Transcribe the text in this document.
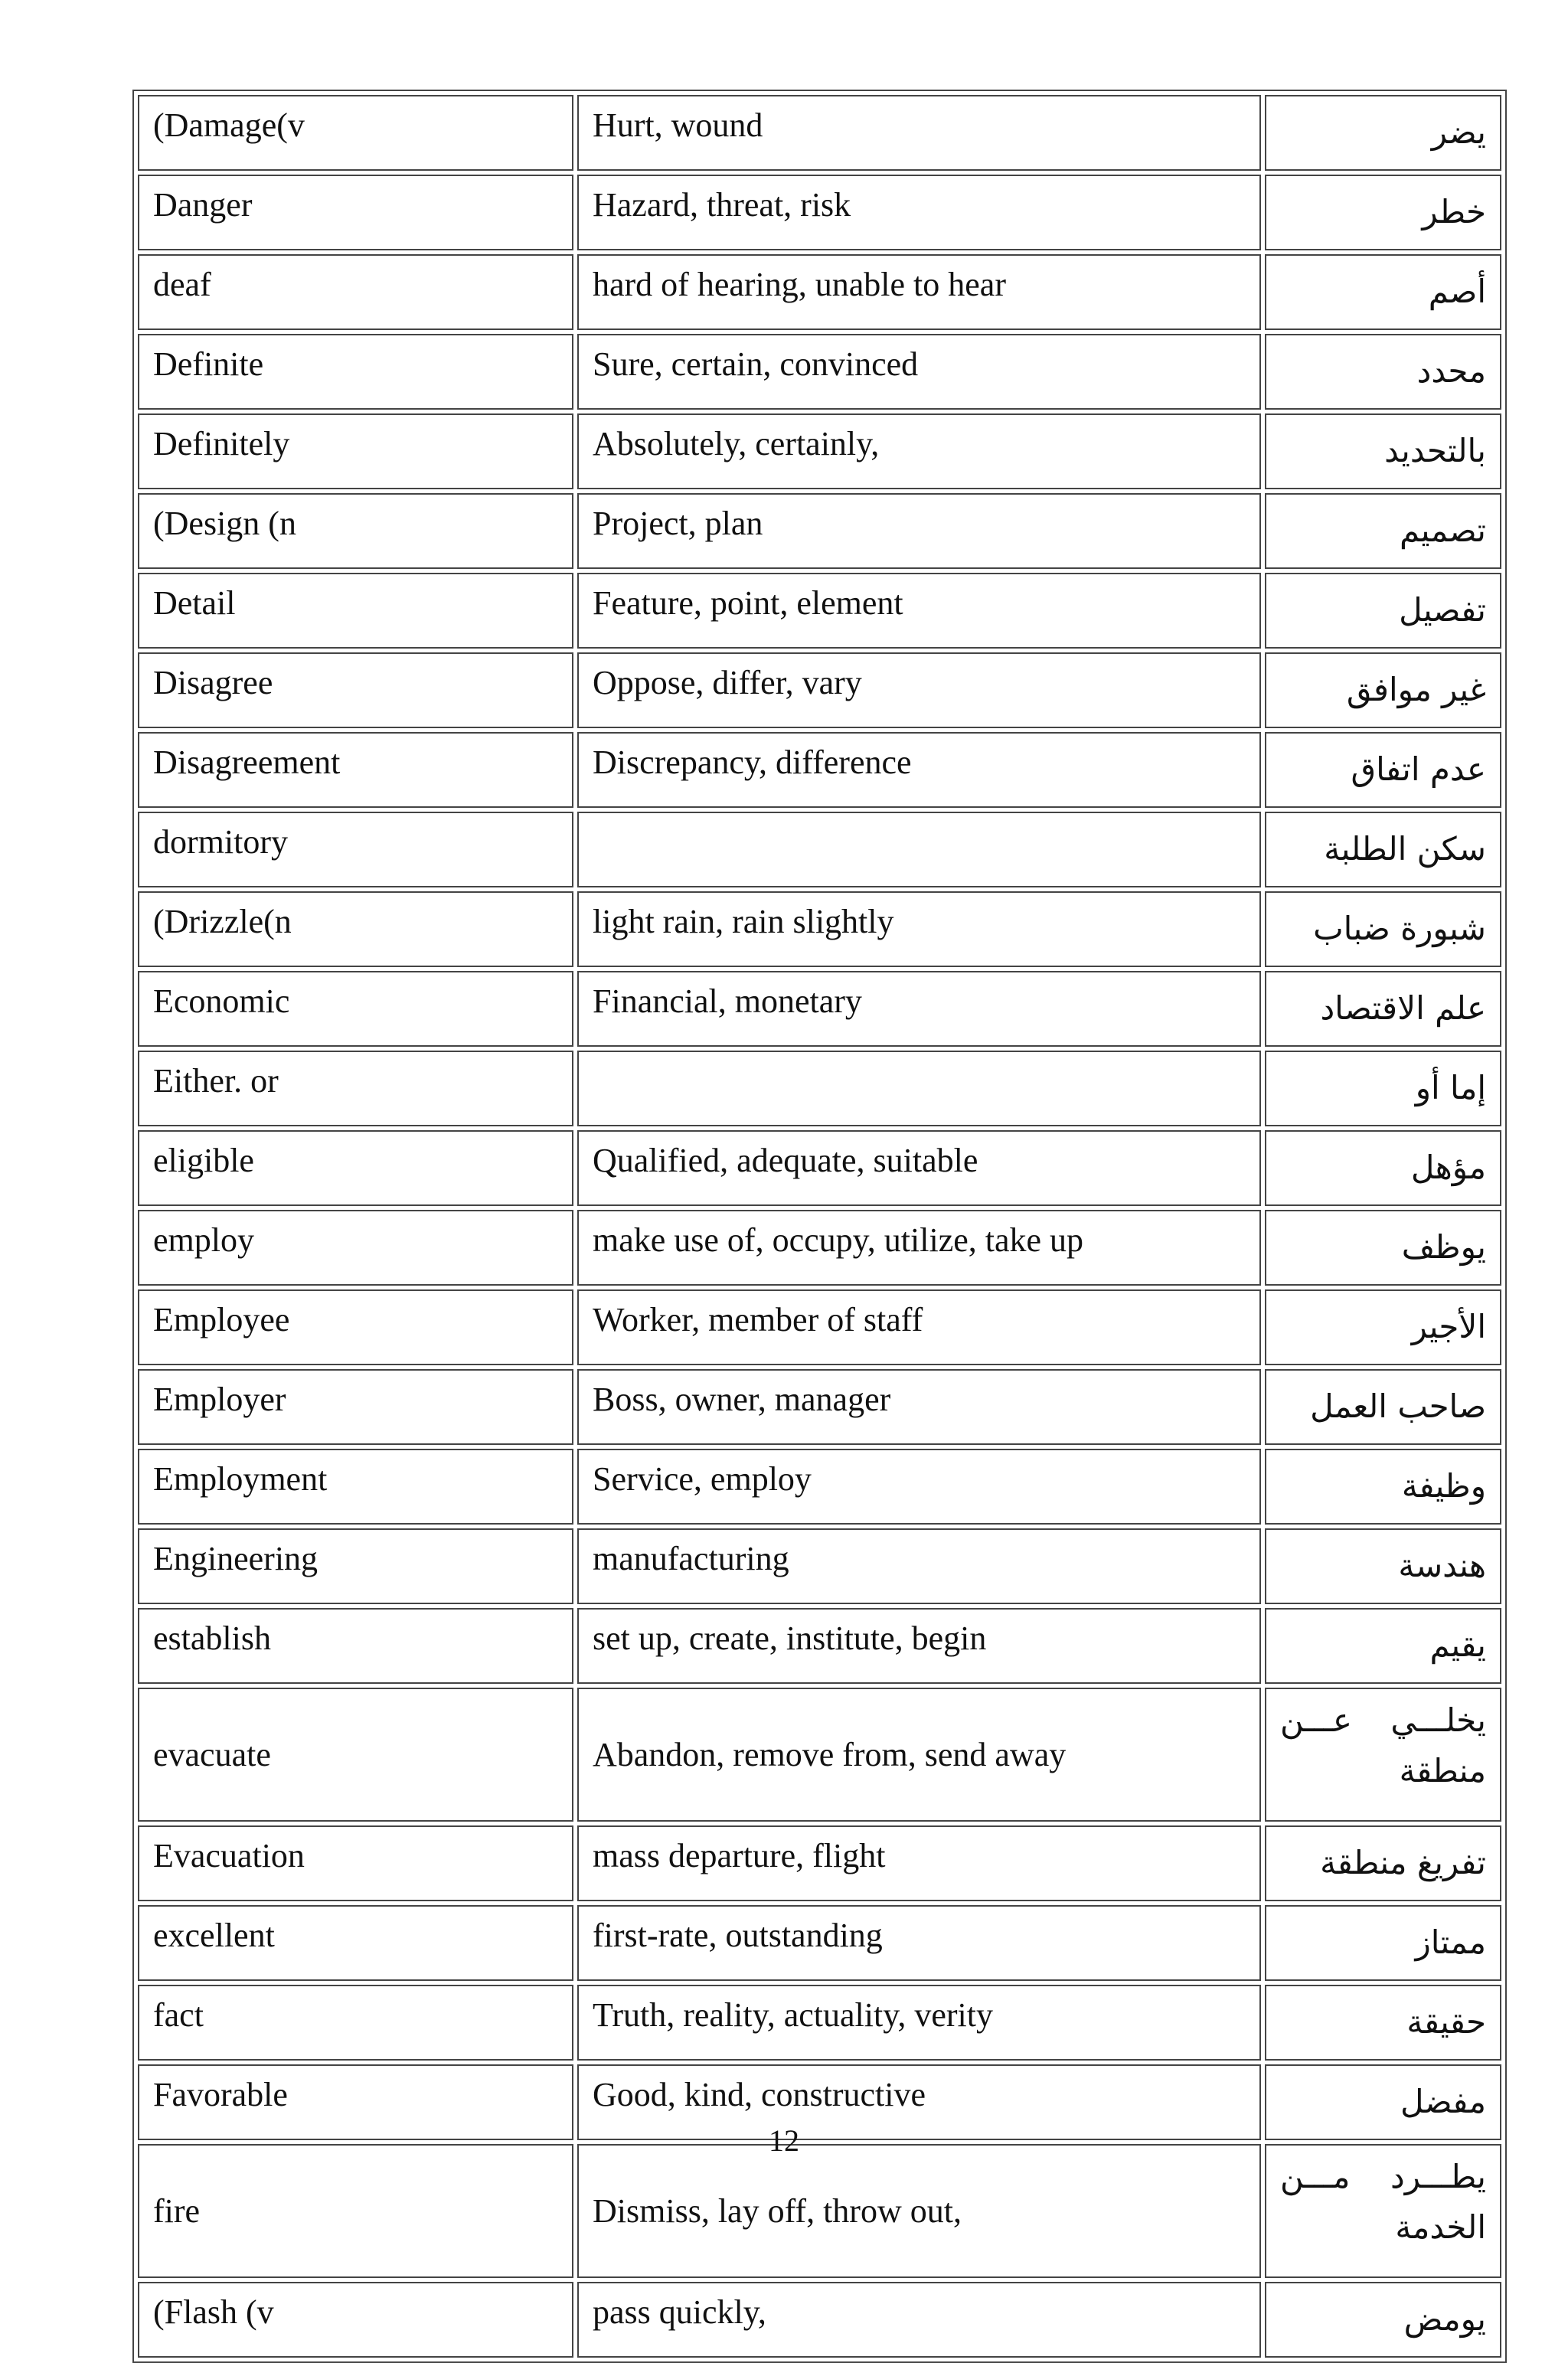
(Damage(v	Hurt, wound	يضر
Danger	Hazard, threat, risk	خطر
deaf	hard of hearing, unable to hear	أصم
Definite	Sure, certain, convinced	محدد
Definitely	Absolutely, certainly,	بالتحديد
(Design (n	Project, plan	تصميم
Detail	Feature, point, element	تفصيل
Disagree	Oppose, differ, vary	غير موافق
Disagreement	Discrepancy, difference	عدم اتفاق
dormitory		سكن الطلبة
(Drizzle(n	light rain, rain slightly	شبورة ضباب
Economic	Financial, monetary	علم الاقتصاد
Either. or		إما أو
eligible	Qualified, adequate, suitable	مؤهل
employ	make use of, occupy, utilize, take up	يوظف
Employee	Worker, member of staff	الأجير
Employer	Boss, owner, manager	صاحب العمل
Employment	Service, employ	وظيفة
Engineering	manufacturing	هندسة
establish	set up, create, institute, begin	يقيم
evacuate	Abandon, remove from, send away	يخلـــي عـــن منطقة
Evacuation	mass departure, flight	تفريغ منطقة
excellent	first-rate, outstanding	ممتاز
fact	Truth, reality, actuality, verity	حقيقة
Favorable	Good, kind, constructive	مفضل
fire	Dismiss, lay off, throw out,	يطـــرد مـــن الخدمة
(Flash (v	pass quickly,	يومض
12
